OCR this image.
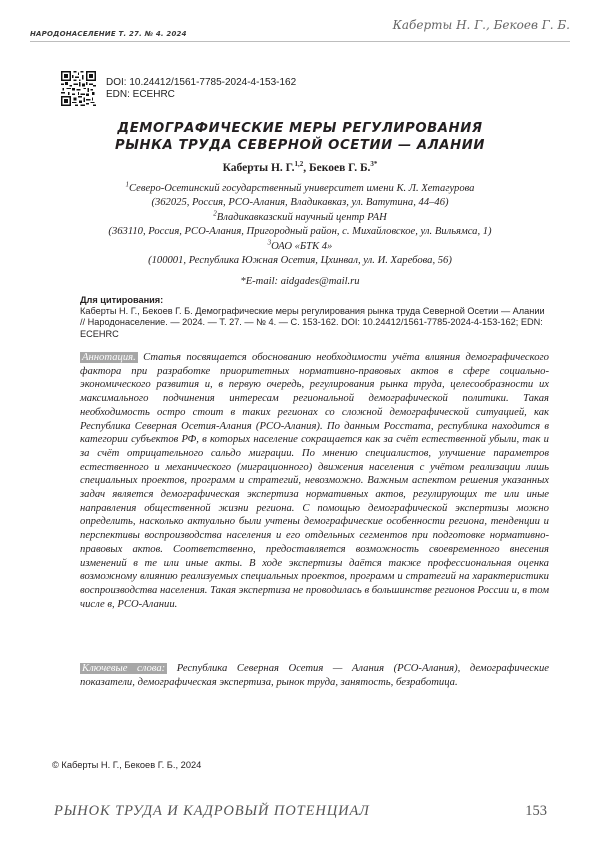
НАРОДОНАСЕЛЕНИЕ Т. 27. № 4. 2024
Каберты Н. Г., Бекоев Г. Б.
DOI: 10.24412/1561-7785-2024-4-153-162
EDN: ECEHRC
ДЕМОГРАФИЧЕСКИЕ МЕРЫ РЕГУЛИРОВАНИЯ
РЫНКА ТРУДА СЕВЕРНОЙ ОСЕТИИ — АЛАНИИ
Каберты Н. Г.$^{1,2}$, Бекоев Г. Б.$^{3*}$
$^1$Северо-Осетинский государственный университет имени К. Л. Хетагурова
(362025, Россия, РСО-Алания, Владикавказ, ул. Ватутина, 44–46)
$^2$Владикавказский научный центр РАН
(363110, Россия, РСО-Алания, Пригородный район, с. Михайловское, ул. Вильямса, 1)
$^3$ОАО «БТК 4»
(100001, Республика Южная Осетия, Цхинвал, ул. И. Харебова, 56)
*E-mail: aidgades@mail.ru
Для цитирования:
Каберты Н. Г., Бекоев Г. Б. Демографические меры регулирования рынка труда Северной Осетии — Алании // Народонаселение. — 2024. — Т. 27. — № 4. — С. 153-162. DOI: 10.24412/1561-7785-2024-4-153-162; EDN: ECEHRC
Аннотация. Статья посвящается обоснованию необходимости учёта влияния демографического фактора при разработке приоритетных нормативно-правовых актов в сфере социально-экономического развития и, в первую очередь, регулирования рынка труда, целесообразности их максимального подчинения интересам региональной демографической политики. Такая необходимость остро стоит в таких регионах со сложной демографической ситуацией, как Республика Северная Осетия-Алания (РСО-Алания). По данным Росстата, республика находится в категории субъектов РФ, в которых население сокращается как за счёт естественной убыли, так и за счёт отрицательного сальдо миграции. По мнению специалистов, улучшение параметров естественного и механического (миграционного) движения населения с учётом реализации лишь специальных проектов, программ и стратегий, невозможно. Важным аспектом решения указанных задач является демографическая экспертиза нормативных актов, регулирующих те или иные направления общественной жизни региона. С помощью демографической экспертизы можно определить, насколько актуально были учтены демографические особенности региона, тенденции и перспективы воспроизводства населения и его отдельных сегментов при подготовке нормативно-правовых актов. Соответственно, предоставляется возможность своевременного внесения изменений в те или иные акты. В ходе экспертизы даётся также профессиональная оценка возможному влиянию реализуемых специальных проектов, программ и стратегий на характеристики воспроизводства населения. Такая экспертиза не проводилась в большинстве регионов России и, в том числе в, РСО-Алании.
Ключевые слова: Республика Северная Осетия — Алания (РСО-Алания), демографические показатели, демографическая экспертиза, рынок труда, занятость, безработица.
© Каберты Н. Г., Бекоев Г. Б., 2024
РЫНОК ТРУДА И КАДРОВЫЙ ПОТЕНЦИАЛ	153
